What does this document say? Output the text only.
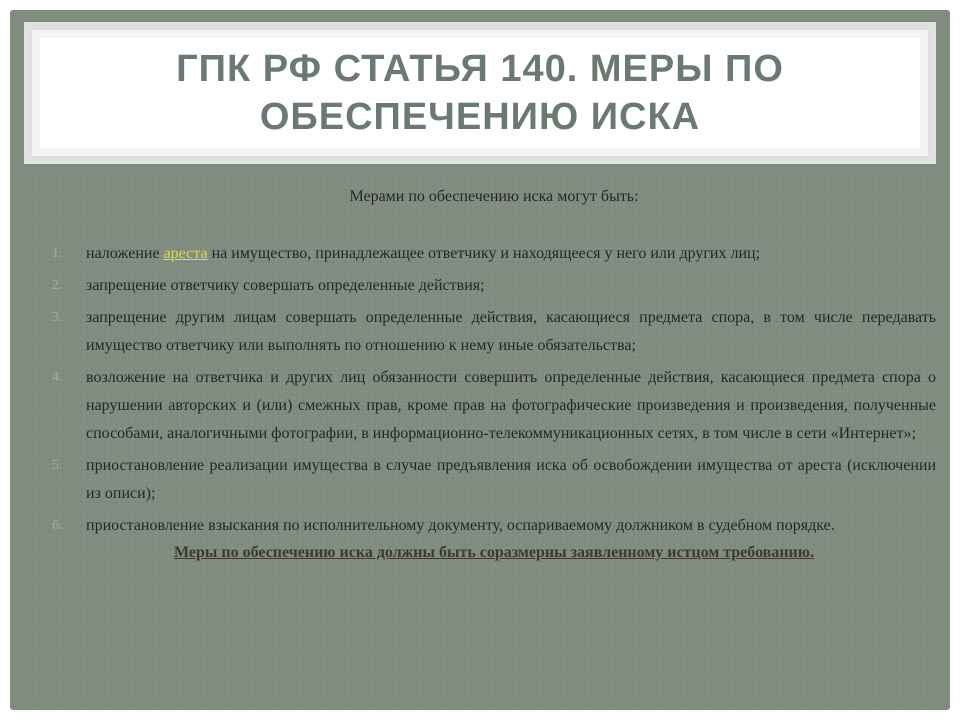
ГПК РФ СТАТЬЯ 140. МЕРЫ ПО
ОБЕСПЕЧЕНИЮ ИСКА

Мерами по обеспечению иска могут быть:

1.	наложение ареста на имущество, принадлежащее ответчику и находящееся у него или других лиц;
2.	запрещение ответчику совершать определенные действия;
3.	запрещение другим лицам совершать определенные действия, касающиеся предмета спора, в том числе передавать имущество ответчику или выполнять по отношению к нему иные обязательства;
4.	возложение на ответчика и других лиц обязанности совершить определенные действия, касающиеся предмета спора о нарушении авторских и (или) смежных прав, кроме прав на фотографические произведения и произведения, полученные способами, аналогичными фотографии, в информационно-телекоммуникационных сетях, в том числе в сети «Интернет»;
5.	приостановление реализации имущества в случае предъявления иска об освобождении имущества от ареста (исключении из описи);
6.	приостановление взыскания по исполнительному документу, оспариваемому должником в судебном порядке.

Меры по обеспечению иска должны быть соразмерны заявленному истцом требованию.
